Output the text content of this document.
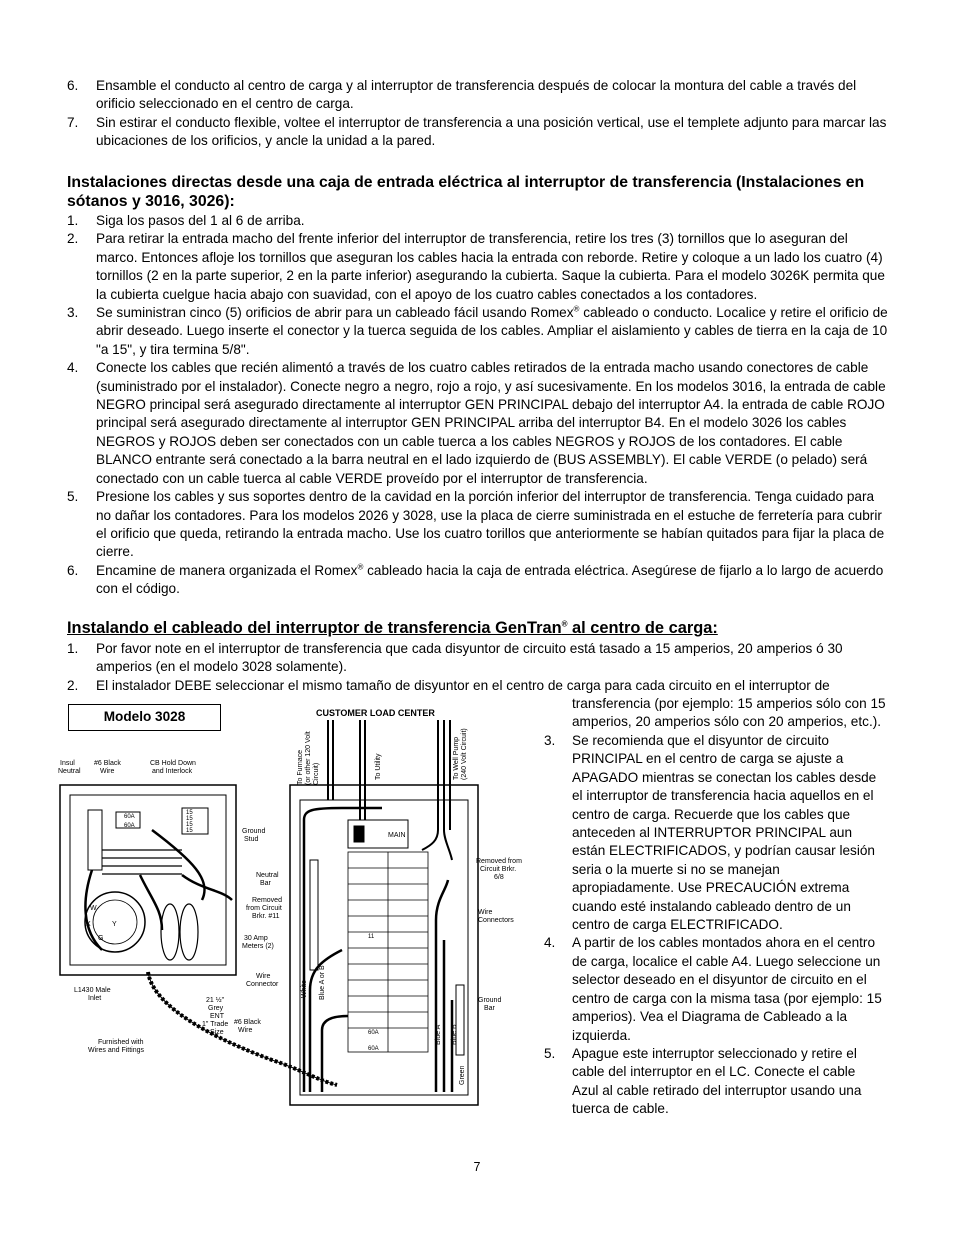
6. Ensamble el conducto al centro de carga y al interruptor de transferencia después de colocar la montura del cable a través del orificio seleccionado en el centro de carga.
7. Sin estirar el conducto flexible, voltee el interruptor de transferencia a una posición vertical, use el templete adjunto para marcar las ubicaciones de los orificios, y ancle la unidad a la pared.
Instalaciones directas desde una caja de entrada eléctrica al interruptor de transferencia (Instalaciones en sótanos y 3016, 3026):
1. Siga los pasos del 1 al 6 de arriba.
2. Para retirar la entrada macho del frente inferior del interruptor de transferencia, retire los tres (3) tornillos que lo aseguran del marco. Entonces afloje los tornillos que aseguran los cables hacia la entrada con reborde. Retire y coloque a un lado los cuatro (4) tornillos (2 en la parte superior, 2 en la parte inferior) asegurando la cubierta. Saque la cubierta. Para el modelo 3026K permita que la cubierta cuelgue hacia abajo con suavidad, con el apoyo de los cuatro cables conectados a los contadores.
3. Se suministran cinco (5) orificios de abrir para un cableado fácil usando Romex® cableado o conducto. Localice y retire el orificio de abrir deseado. Luego inserte el conector y la tuerca seguida de los cables. Ampliar el aislamiento y cables de tierra en la caja de 10 "a 15", y tira termina 5/8".
4. Conecte los cables que recién alimentó a través de los cuatro cables retirados de la entrada macho usando conectores de cable (suministrado por el instalador). Conecte negro a negro, rojo a rojo, y así sucesivamente. En los modelos 3016, la entrada de cable NEGRO principal será asegurado directamente al interruptor GEN PRINCIPAL debajo del interruptor A4. la entrada de cable ROJO principal será asegurado directamente al interruptor GEN PRINCIPAL arriba del interruptor B4. En el modelo 3026 los cables NEGROS y ROJOS deben ser conectados con un cable tuerca a los cables NEGROS y ROJOS de los contadores. El cable BLANCO entrante será conectado a la barra neutral en el lado izquierdo de (BUS ASSEMBLY). El cable VERDE (o pelado) será conectado con un cable tuerca al cable VERDE proveído por el interruptor de transferencia.
5. Presione los cables y sus soportes dentro de la cavidad en la porción inferior del interruptor de transferencia. Tenga cuidado para no dañar los contadores. Para los modelos 2026 y 3028, use la placa de cierre suministrada en el estuche de ferretería para cubrir el orificio que queda, retirando la entrada macho. Use los cuatro torillos que anteriormente se habían quitados para fijar la placa de cierre.
6. Encamine de manera organizada el Romex® cableado hacia la caja de entrada eléctrica. Asegúrese de fijarlo a lo largo de acuerdo con el código.
Instalando el cableado del interruptor de transferencia GenTran® al centro de carga:
1. Por favor note en el interruptor de transferencia que cada disyuntor de circuito está tasado a 15 amperios, 20 amperios ó 30 amperios (en el modelo 3028 solamente).
2. El instalador DEBE seleccionar el mismo tamaño de disyuntor en el centro de carga para cada circuito en el interruptor de
transferencia (por ejemplo: 15 amperios sólo con 15 amperios, 20 amperios sólo con 20 amperios, etc.).
3. Se recomienda que el disyuntor de circuito PRINCIPAL en el centro de carga se ajuste a APAGADO mientras se conectan los cables desde el interruptor de transferencia hacia aquellos en el centro de carga. Recuerde que los cables que anteceden al INTERRUPTOR PRINCIPAL aun están ELECTRIFICADOS, y podrían causar lesión seria o la muerte si no se manejan apropiadamente. Use PRECAUCIÓN extrema cuando esté instalando cableado dentro de un centro de carga ELECTRIFICADO.
4. A partir de los cables montados ahora en el centro de carga, localice el cable A4. Luego seleccione un selector deseado en el disyuntor de circuito en el centro de carga con la misma tasa (por ejemplo: 15 amperios). Vea el Diagrama de Cableado a la izquierda.
5. Apague este interruptor seleccionado y retire el cable del interruptor en el LC. Conecte el cable Azul al cable retirado del interruptor usando una tuerca de cable.
Modelo 3028	CUSTOMER LOAD CENTER
Insul
Neutral
#6 Black
Wire
CB Hold Down
and Interlock
Ground
Stud
Neutral
Bar
Removed
from Circuit
Brkr. #11
30 Amp
Meters (2)
Wire
Connector
L1430 Male
Inlet	21 ½"
Grey
ENT
1" Trade
Size
#6 Black
Wire
Furnished with
Wires and Fittings
W
X	Y
G
60A
60A
15
15
15
15
To Furnace (or other 120 Volt Circuit)	To Utility	To Well Pump (240 Volt Circuit)
MAIN
Removed from
Circuit Brkr.
6/8
Wire
Connectors
Ground
Bar
White Blue A or B
Blue A Blue B
Green
11
60A
60A
7
